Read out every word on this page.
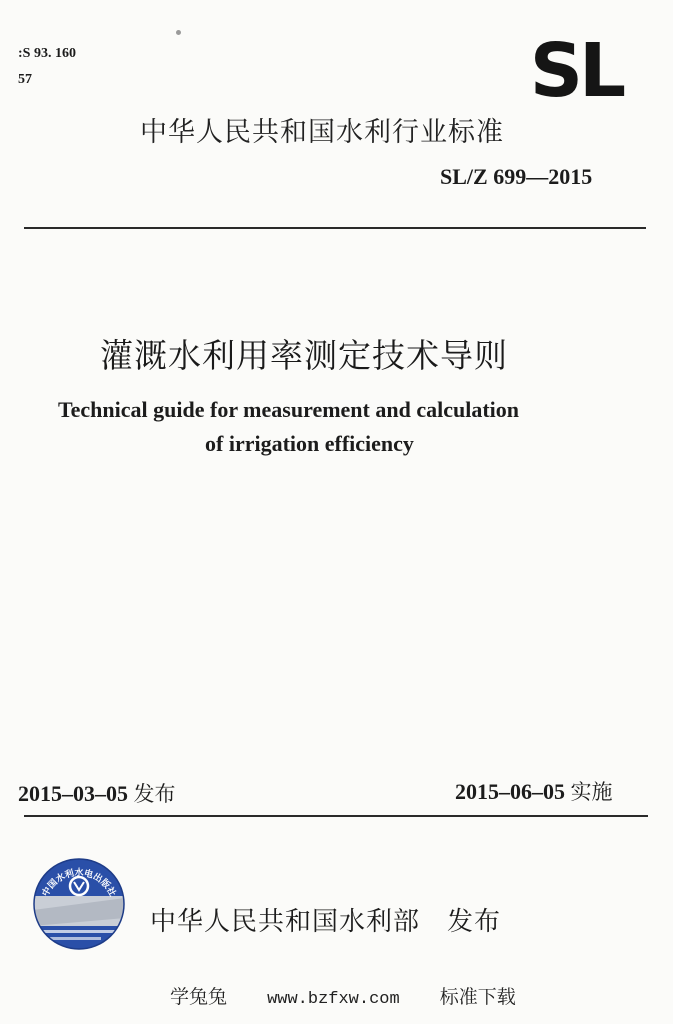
:S 93. 160
57	SL
中华人民共和国水利行业标准
SL/Z 699—2015
灌溉水利用率测定技术导则
Technical guide for measurement and calculation
of irrigation efficiency
2015–03–05 发布	2015–06–05 实施
中国水利水电出版社
中华人民共和国水利部　发布
学兔兔 www.bzfxw.com 标准下载
